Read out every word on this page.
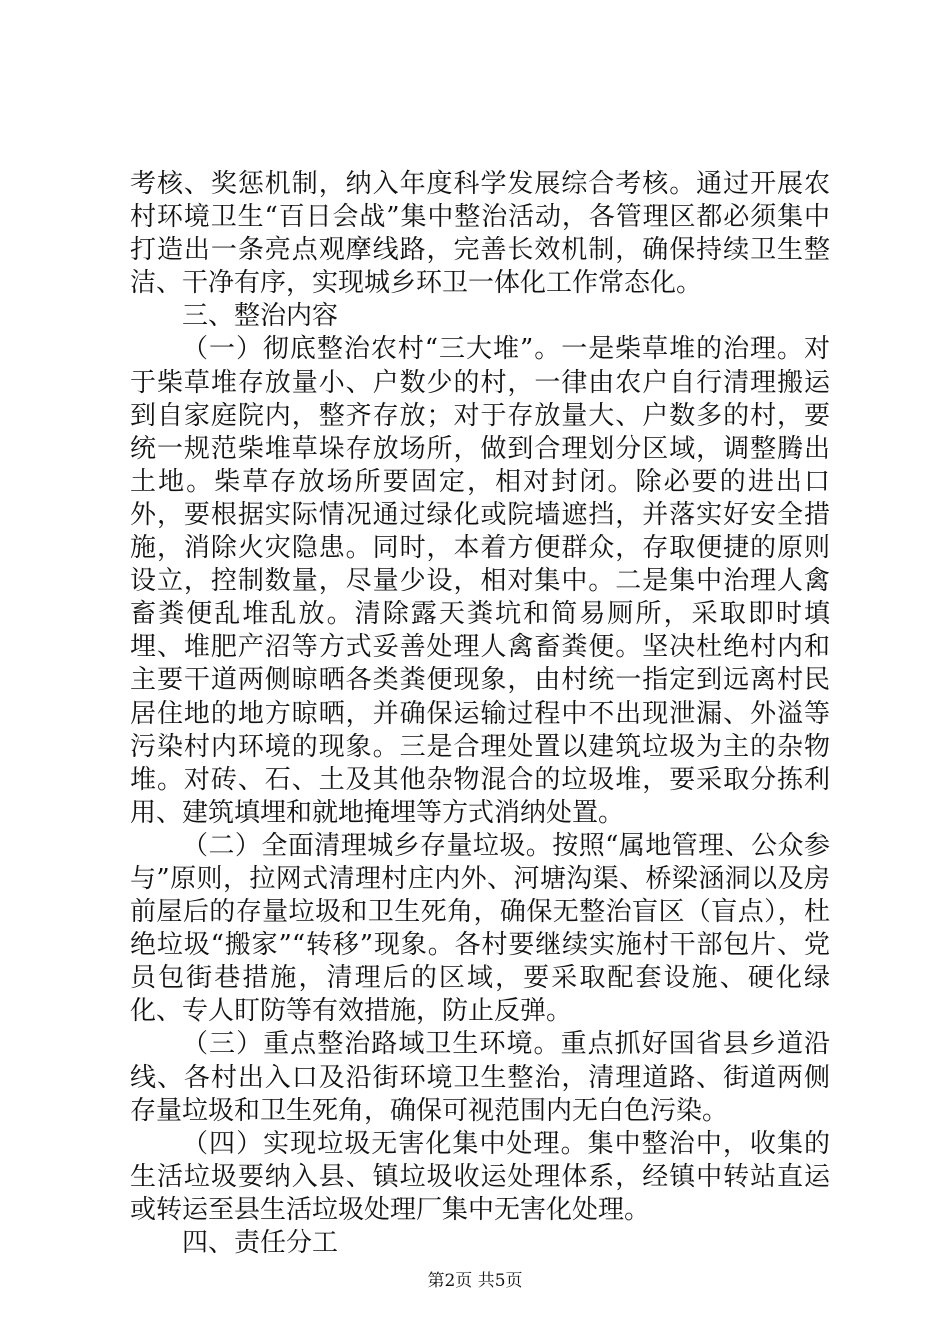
考核、奖惩机制，纳入年度科学发展综合考核。通过开展农村环境卫生“百日会战”集中整治活动，各管理区都必须集中打造出一条亮点观摩线路，完善长效机制，确保持续卫生整洁、干净有序，实现城乡环卫一体化工作常态化。

三、整治内容

（一）彻底整治农村“三大堆”。一是柴草堆的治理。对于柴草堆存放量小、户数少的村，一律由农户自行清理搬运到自家庭院内，整齐存放；对于存放量大、户数多的村，要统一规范柴堆草垛存放场所，做到合理划分区域，调整腾出土地。柴草存放场所要固定，相对封闭。除必要的进出口外，要根据实际情况通过绿化或院墙遮挡，并落实好安全措施，消除火灾隐患。同时，本着方便群众，存取便捷的原则设立，控制数量，尽量少设，相对集中。二是集中治理人禽畜粪便乱堆乱放。清除露天粪坑和简易厕所，采取即时填埋、堆肥产沼等方式妥善处理人禽畜粪便。坚决杜绝村内和主要干道两侧晾晒各类粪便现象，由村统一指定到远离村民居住地的地方晾晒，并确保运输过程中不出现泄漏、外溢等污染村内环境的现象。三是合理处置以建筑垃圾为主的杂物堆。对砖、石、土及其他杂物混合的垃圾堆，要采取分拣利用、建筑填埋和就地掩埋等方式消纳处置。

（二）全面清理城乡存量垃圾。按照“属地管理、公众参与”原则，拉网式清理村庄内外、河塘沟渠、桥梁涵洞以及房前屋后的存量垃圾和卫生死角，确保无整治盲区（盲点），杜绝垃圾“搬家”“转移”现象。各村要继续实施村干部包片、党员包街巷措施，清理后的区域，要采取配套设施、硬化绿化、专人盯防等有效措施，防止反弹。

（三）重点整治路域卫生环境。重点抓好国省县乡道沿线、各村出入口及沿街环境卫生整治，清理道路、街道两侧存量垃圾和卫生死角，确保可视范围内无白色污染。

（四）实现垃圾无害化集中处理。集中整治中，收集的生活垃圾要纳入县、镇垃圾收运处理体系，经镇中转站直运或转运至县生活垃圾处理厂集中无害化处理。

四、责任分工

第2页 共5页
